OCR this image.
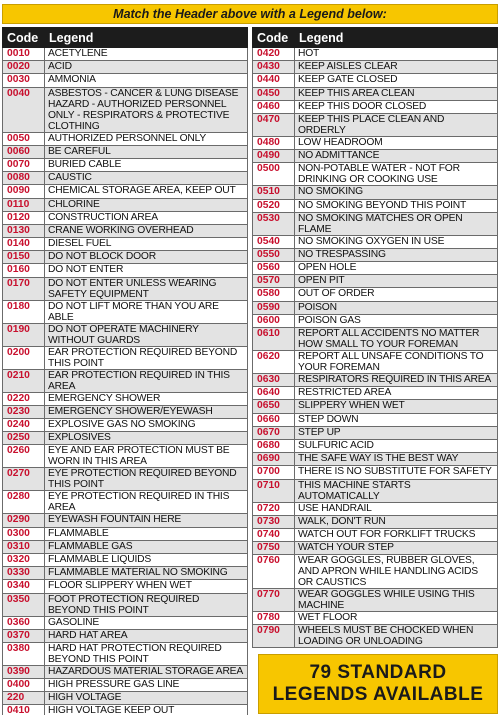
Match the Header above with a Legend below:
Code	Legend
0010	ACETYLENE
0020	ACID
0030	AMMONIA
0040	ASBESTOS - CANCER & LUNG DISEASE HAZARD - AUTHORIZED PERSONNEL ONLY - RESPIRATORS & PROTECTIVE CLOTHING
0050	AUTHORIZED PERSONNEL ONLY
0060	BE CAREFUL
0070	BURIED CABLE
0080	CAUSTIC
0090	CHEMICAL STORAGE AREA, KEEP OUT
0110	CHLORINE
0120	CONSTRUCTION AREA
0130	CRANE WORKING OVERHEAD
0140	DIESEL FUEL
0150	DO NOT BLOCK DOOR
0160	DO NOT ENTER
0170	DO NOT ENTER UNLESS WEARING SAFETY EQUIPMENT
0180	DO NOT LIFT MORE THAN YOU ARE ABLE
0190	DO NOT OPERATE MACHINERY WITHOUT GUARDS
0200	EAR PROTECTION REQUIRED BEYOND THIS POINT
0210	EAR PROTECTION REQUIRED IN THIS AREA
0220	EMERGENCY SHOWER
0230	EMERGENCY SHOWER/EYEWASH
0240	EXPLOSIVE GAS NO SMOKING
0250	EXPLOSIVES
0260	EYE AND EAR PROTECTION MUST BE WORN IN THIS AREA
0270	EYE PROTECTION REQUIRED BEYOND THIS POINT
0280	EYE PROTECTION REQUIRED IN THIS AREA
0290	EYEWASH FOUNTAIN HERE
0300	FLAMMABLE
0310	FLAMMABLE GAS
0320	FLAMMABLE LIQUIDS
0330	FLAMMABLE MATERIAL NO SMOKING
0340	FLOOR SLIPPERY WHEN WET
0350	FOOT PROTECTION REQUIRED BEYOND THIS POINT
0360	GASOLINE
0370	HARD HAT AREA
0380	HARD HAT PROTECTION REQUIRED BEYOND THIS POINT
0390	HAZARDOUS MATERIAL STORAGE AREA
0400	HIGH PRESSURE GAS LINE
220	HIGH VOLTAGE
0410	HIGH VOLTAGE KEEP OUT
Code	Legend
0420	HOT
0430	KEEP AISLES CLEAR
0440	KEEP GATE CLOSED
0450	KEEP THIS AREA CLEAN
0460	KEEP THIS DOOR CLOSED
0470	KEEP THIS PLACE CLEAN AND ORDERLY
0480	LOW HEADROOM
0490	NO ADMITTANCE
0500	NON-POTABLE WATER - NOT FOR DRINKING OR COOKING USE
0510	NO SMOKING
0520	NO SMOKING BEYOND THIS POINT
0530	NO SMOKING MATCHES OR OPEN FLAME
0540	NO SMOKING OXYGEN IN USE
0550	NO TRESPASSING
0560	OPEN HOLE
0570	OPEN PIT
0580	OUT OF ORDER
0590	POISON
0600	POISON GAS
0610	REPORT ALL ACCIDENTS NO MATTER HOW SMALL TO YOUR FOREMAN
0620	REPORT ALL UNSAFE CONDITIONS TO YOUR FOREMAN
0630	RESPIRATORS REQUIRED IN THIS AREA
0640	RESTRICTED AREA
0650	SLIPPERY WHEN WET
0660	STEP DOWN
0670	STEP UP
0680	SULFURIC ACID
0690	THE SAFE WAY IS THE BEST WAY
0700	THERE IS NO SUBSTITUTE FOR SAFETY
0710	THIS MACHINE STARTS AUTOMATICALLY
0720	USE HANDRAIL
0730	WALK, DON'T RUN
0740	WATCH OUT FOR FORKLIFT TRUCKS
0750	WATCH YOUR STEP
0760	WEAR GOGGLES, RUBBER GLOVES, AND APRON WHILE HANDLING ACIDS OR CAUSTICS
0770	WEAR GOGGLES WHILE USING THIS MACHINE
0780	WET FLOOR
0790	WHEELS MUST BE CHOCKED WHEN LOADING OR UNLOADING
79 STANDARD
LEGENDS AVAILABLE
